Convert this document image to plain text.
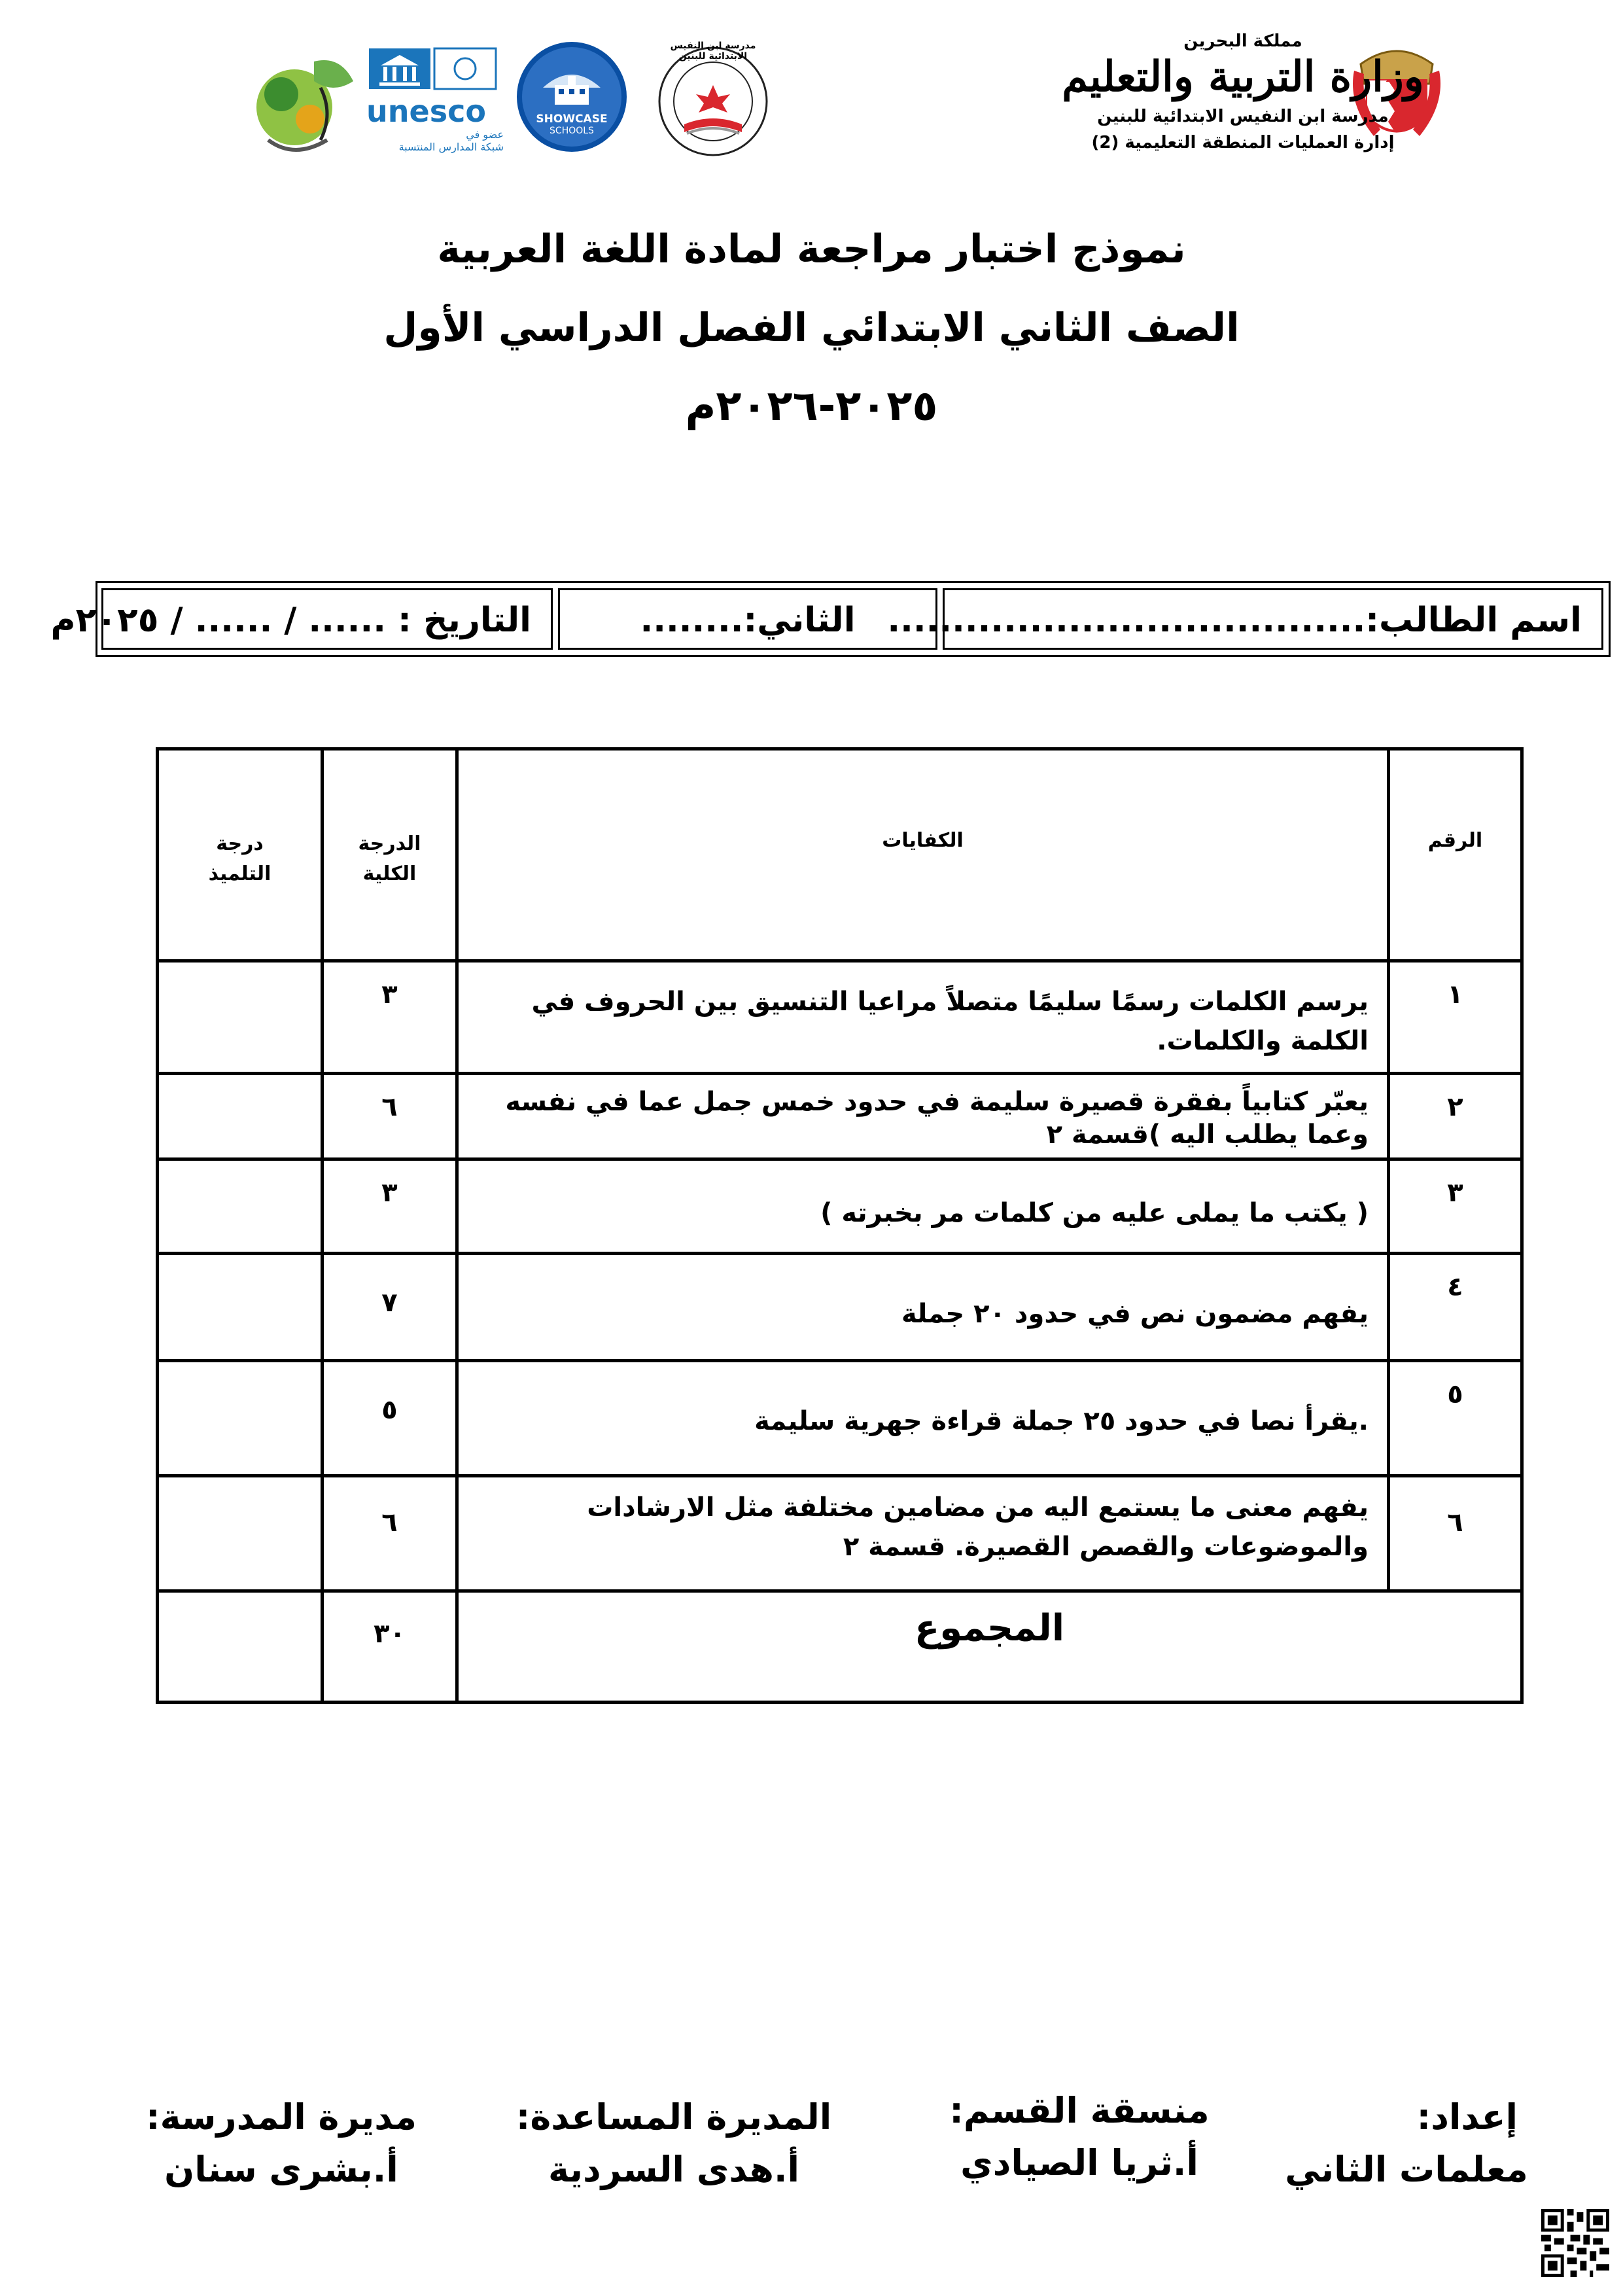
مملكة البحرين
وزارة التربية والتعليم
مدرسة ابن النفيس الابتدائية للبنين
إدارة العمليات المنطقة التعليمية (2)
مدرسة ابن النفيس الابتدائية للبنين
SHOWCASE
SCHOOLS
unesco
عضو في
شبكة المدارس المنتسبة
نموذج اختبار مراجعة لمادة اللغة العربية
الصف الثاني الابتدائي الفصل الدراسي الأول
٢٠٢٥-٢٠٢٦م
اسم الطالب:.....................................
الثاني:........
التاريخ : ...... / ...... / ٢٠٢٥م
الرقم	الكفايات	الدرجة الكلية	درجة التلميذ
١	يرسم الكلمات رسمًا سليمًا متصلاً مراعيا التنسيق بين الحروف في الكلمة والكلمات.	٣	
٢	يعبّر كتابياً بفقرة قصيرة سليمة في حدود خمس جمل عما في نفسه وعما يطلب اليه )قسمة ٢	٦	
٣	( يكتب ما يملى عليه من كلمات مر بخبرته )	٣	
٤	يفهم مضمون نص في حدود ٢٠ جملة	٧	
٥	.يقرأ نصا في حدود ٢٥ جملة قراءة جهرية سليمة	٥	
٦	يفهم معنى ما يستمع اليه من مضامين مختلفة مثل الارشادات والموضوعات والقصص القصيرة. قسمة ٢	٦	
المجموع		٣٠	
إعداد:
معلمات الثاني
منسقة القسم:
أ.ثريا الصيادي
المديرة المساعدة:
أ.هدى السردية
مديرة المدرسة:
أ.بشرى سنان
